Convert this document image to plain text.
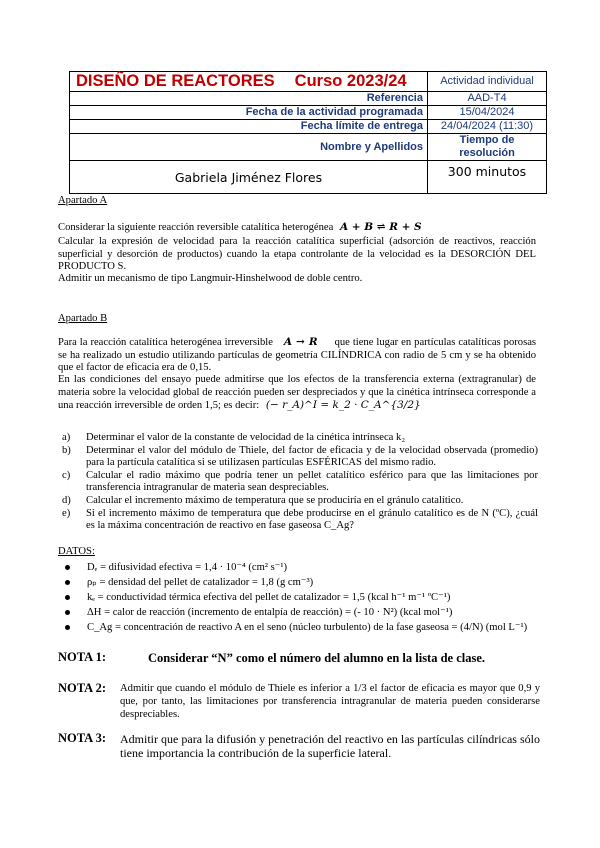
DISEÑO DE REACTORES Curso 2023/24	Actividad individual
Referencia	AAD-T4
Fecha de la actividad programada	15/04/2024
Fecha límite de entrega	24/04/2024 (11:30)
Nombre y Apellidos	Tiempo de resolución
Gabriela Jiménez Flores	300 minutos
Apartado A
Considerar la siguiente reacción reversible catalítica heterogénea A + B ⇌ R + S
Calcular la expresión de velocidad para la reacción catalítica superficial (adsorción de reactivos, reacción superficial y desorción de productos) cuando la etapa controlante de la velocidad es la DESORCIÓN DEL PRODUCTO S.
Admitir un mecanismo de tipo Langmuir-Hinshelwood de doble centro.
Apartado B
Para la reacción catalítica heterogénea irreversible A → R que tiene lugar en partículas catalíticas porosas se ha realizado un estudio utilizando partículas de geometría CILÍNDRICA con radio de 5 cm y se ha obtenido que el factor de eficacia era de 0,15.
En las condiciones del ensayo puede admitirse que los efectos de la transferencia externa (extragranular) de materia sobre la velocidad global de reacción pueden ser despreciados y que la cinética intrínseca corresponde a una reacción irreversible de orden 1,5; es decir: (− r_A)^I = k_2 · C_A^{3/2}
a) Determinar el valor de la constante de velocidad de la cinética intrínseca k₂
b) Determinar el valor del módulo de Thiele, del factor de eficacia y de la velocidad observada (promedio) para la partícula catalítica si se utilizasen partículas ESFÉRICAS del mismo radio.
c) Calcular el radio máximo que podría tener un pellet catalítico esférico para que las limitaciones por transferencia intragranular de materia sean despreciables.
d) Calcular el incremento máximo de temperatura que se produciría en el gránulo catalítico.
e) Si el incremento máximo de temperatura que debe producirse en el gránulo catalítico es de N (ºC), ¿cuál es la máxima concentración de reactivo en fase gaseosa C_Ag?
DATOS:
Dₑ = difusividad efectiva = 1,4 · 10⁻⁴ (cm² s⁻¹)
ρₚ = densidad del pellet de catalizador = 1,8 (g cm⁻³)
kₑ = conductividad térmica efectiva del pellet de catalizador = 1,5 (kcal h⁻¹ m⁻¹ ºC⁻¹)
ΔH = calor de reacción (incremento de entalpía de reacción) = (- 10 · N²) (kcal mol⁻¹)
C_Ag = concentración de reactivo A en el seno (núcleo turbulento) de la fase gaseosa = (4/N) (mol L⁻¹)
NOTA 1:	Considerar “N” como el número del alumno en la lista de clase.
NOTA 2: Admitir que cuando el módulo de Thiele es inferior a 1/3 el factor de eficacia es mayor que 0,9 y que, por tanto, las limitaciones por transferencia intragranular de materia pueden considerarse despreciables.
NOTA 3: Admitir que para la difusión y penetración del reactivo en las partículas cilíndricas sólo tiene importancia la contribución de la superficie lateral.
